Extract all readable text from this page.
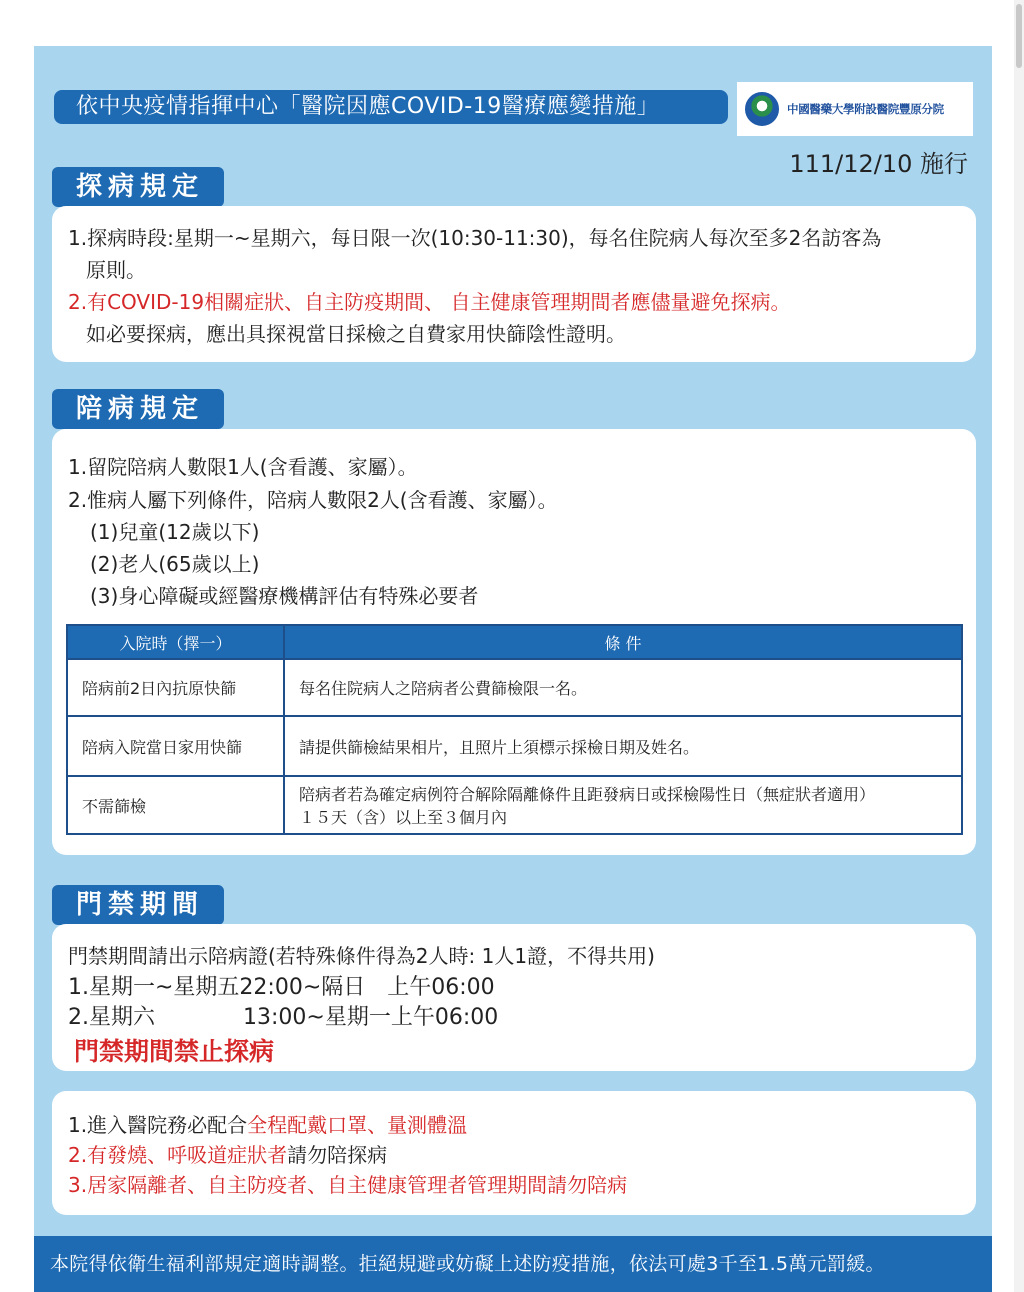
依中央疫情指揮中心「醫院因應COVID-19醫療應變措施」	中國醫藥大學附設醫院豐原分院
111/12/10 施行
探病規定
1.探病時段:星期一~星期六，每日限一次(10:30-11:30)，每名住院病人每次至多2名訪客為
原則。
2.有COVID-19相關症狀、自主防疫期間、 自主健康管理期間者應儘量避免探病。
如必要探病，應出具探視當日採檢之自費家用快篩陰性證明。
陪病規定
1.留院陪病人數限1人(含看護、家屬）。
2.惟病人屬下列條件，陪病人數限2人(含看護、家屬）。
(1)兒童(12歲以下)
(2)老人(65歲以上)
(3)身心障礙或經醫療機構評估有特殊必要者
入院時（擇一）	條 件
陪病前2日內抗原快篩	每名住院病人之陪病者公費篩檢限一名。
陪病入院當日家用快篩	請提供篩檢結果相片，且照片上須標示採檢日期及姓名。
不需篩檢	陪病者若為確定病例符合解除隔離條件且距發病日或採檢陽性日（無症狀者適用）
１５天（含）以上至３個月內
門禁期間
門禁期間請出示陪病證(若特殊條件得為2人時: 1人1證，不得共用)
1.星期一~星期五22:00~隔日　上午06:00
2.星期六　　　　13:00~星期一上午06:00
門禁期間禁止探病
1.進入醫院務必配合全程配戴口罩、量測體溫
2.有發燒、呼吸道症狀者請勿陪探病
3.居家隔離者、自主防疫者、自主健康管理者管理期間請勿陪病
本院得依衛生福利部規定適時調整。拒絕規避或妨礙上述防疫措施，依法可處3千至1.5萬元罰緩。
